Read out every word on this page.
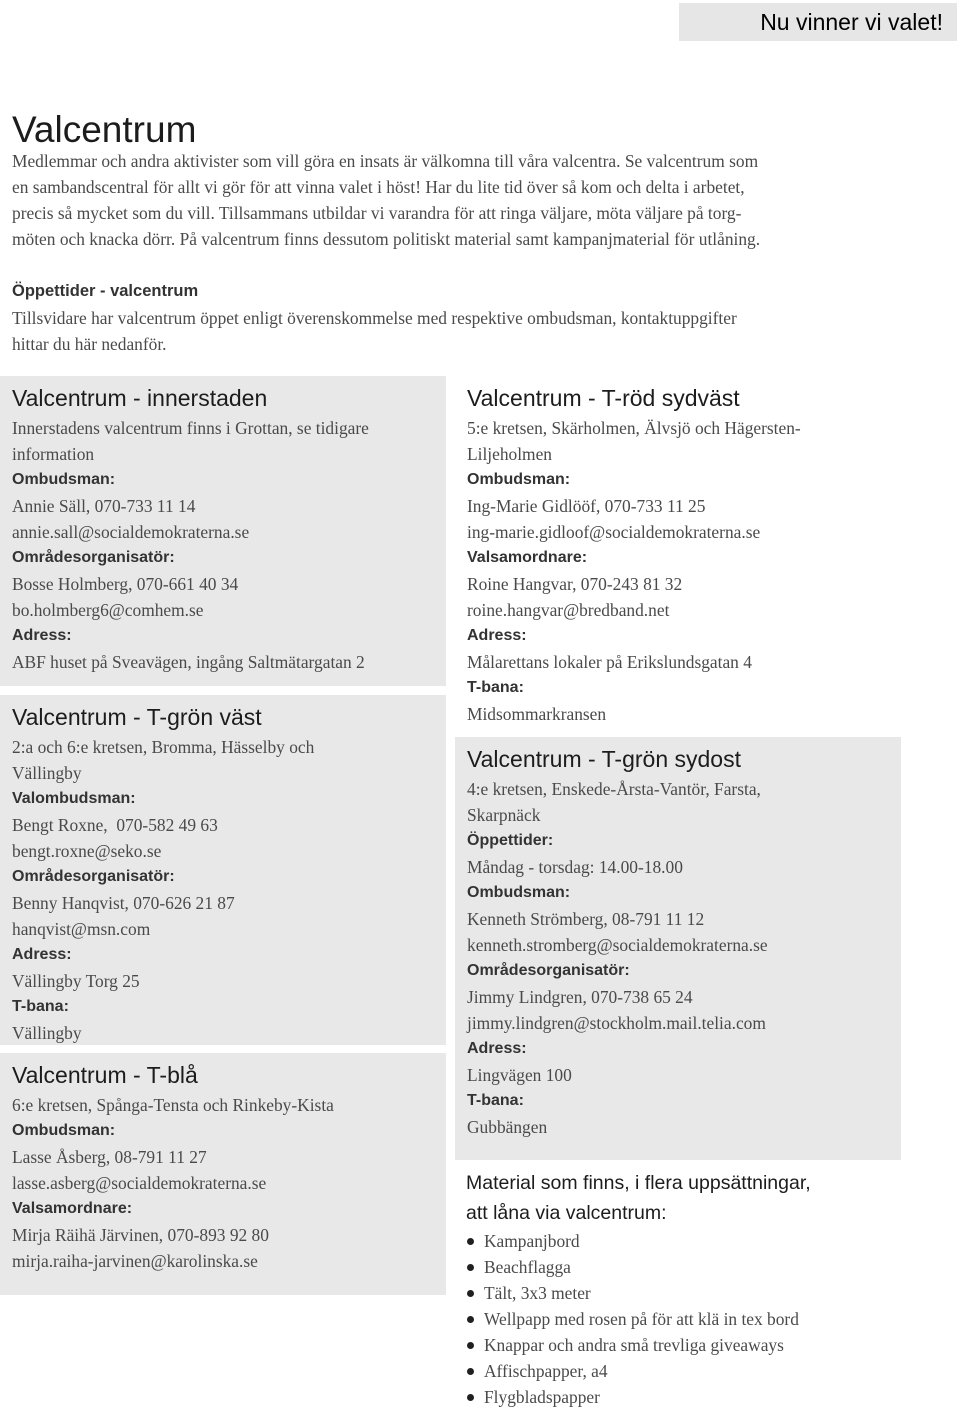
Nu vinner vi valet!
Valcentrum

Medlemmar och andra aktivister som vill göra en insats är välkomna till våra valcentra. Se valcentrum som

en sambandscentral för allt vi gör för att vinna valet i höst! Har du lite tid över så kom och delta i arbetet,

precis så mycket som du vill. Tillsammans utbildar vi varandra för att ringa väljare, möta väljare på torg-

möten och knacka dörr. På valcentrum finns dessutom politiskt material samt kampanjmaterial för utlåning.

Öppettider - valcentrum
Tillsvidare har valcentrum öppet enligt överenskommelse med respektive ombudsman, kontaktuppgifter
hittar du här nedanför.
Valcentrum - innerstaden
Innerstadens valcentrum finns i Grottan, se tidigare
information
Ombudsman:
Annie Säll, 070-733 11 14
annie.sall@socialdemokraterna.se
Områdesorganisatör:
Bosse Holmberg, 070-661 40 34
bo.holmberg6@comhem.se
Adress:
ABF huset på Sveavägen, ingång Saltmätargatan 2
Valcentrum - T-grön väst
2:a och 6:e kretsen, Bromma, Hässelby och
Vällingby
Valombudsman:
Bengt Roxne,  070-582 49 63
bengt.roxne@seko.se
Områdesorganisatör:
Benny Hanqvist, 070-626 21 87
hanqvist@msn.com
Adress:
Vällingby Torg 25
T-bana:
Vällingby
Valcentrum - T-blå
6:e kretsen, Spånga-Tensta och Rinkeby-Kista
Ombudsman:
Lasse Åsberg, 08-791 11 27
lasse.asberg@socialdemokraterna.se
Valsamordnare:
Mirja Räihä Järvinen, 070-893 92 80
mirja.raiha-jarvinen@karolinska.se
Valcentrum - T-röd sydväst
5:e kretsen, Skärholmen, Älvsjö och Hägersten-
Liljeholmen
Ombudsman:
Ing-Marie Gidlööf, 070-733 11 25
ing-marie.gidloof@socialdemokraterna.se
Valsamordnare:
Roine Hangvar, 070-243 81 32
roine.hangvar@bredband.net
Adress:
Målarettans lokaler på Erikslundsgatan 4
T-bana:
Midsommarkransen
Valcentrum - T-grön sydost
4:e kretsen, Enskede-Årsta-Vantör, Farsta,
Skarpnäck
Öppettider:
Måndag - torsdag: 14.00-18.00
Ombudsman:
Kenneth Strömberg, 08-791 11 12
kenneth.stromberg@socialdemokraterna.se
Områdesorganisatör:
Jimmy Lindgren, 070-738 65 24
jimmy.lindgren@stockholm.mail.telia.com
Adress:
Lingvägen 100
T-bana:
Gubbängen
Material som finns, i flera uppsättningar,
att låna via valcentrum:
Kampanjbord
Beachflagga
Tält, 3x3 meter
Wellpapp med rosen på för att klä in tex bord
Knappar och andra små trevliga giveaways
Affischpapper, a4
Flygbladspapper
